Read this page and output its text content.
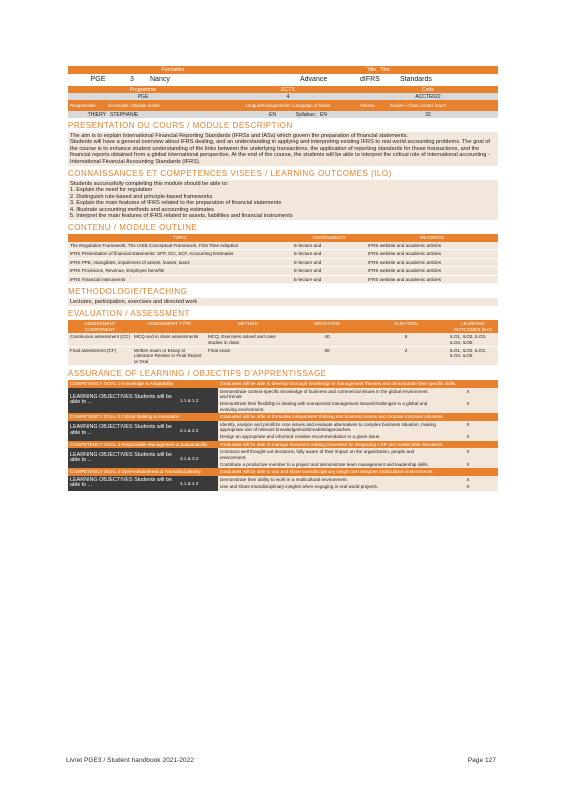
Formation	Title Titre
PGE	3	Nancy	Advance	dIFRS	Standards
Programme	ECTS	Code
PGE	4	ACCTE022
Responsable	du module / Module leader	Langue/Enseignement / Language of tuition	Volume	horaire / Class contact hours
THIERY STEPHANIE	EN	Syllabus: EN	32
PRESENTATION DU COURS / MODULE DESCRIPTION
The aim is to explain International Financial Reporting Standards (IFRSs and IASs) which govern the preparation of financial statements.
Students will have a general overview about IFRS dealing, and an understanding in applying and interpreting existing IFRS to real world accounting problems. The goal of the course is to enhance student understanding of the links between the underlying transactions, the application of reporting standards for those transactions, and the financial reports obtained from a global international perspective. At the end of the course, the students will be able to interpret the critical role of international accounting - International Financial Accounting Standards (IFRS).
CONNAISSANCES ET COMPETENCES VISEES / LEARNING OUTCOMES (ILO)
Students successfully completing this module should be able to:
1. Explain the need for regulation
2. Distinguish rule-based and principle-based frameworks
3. Explain the main features of IFRS related to the preparation of financial statements
4. Illustrate accounting methods and accounting estimates
5. Interpret the main features of IFRS related to assets, liabilities and financial instruments
CONTENU / MODULE OUTLINE
TOPIC	ASSIGNMENTS	READINGS
The Regulation Framework, The IASB Conceptual Framework, First Time Adoption	E-lecture and	IFRS website and academic articles
IFRS Presentation of financial statements: SFP, SCI, SCF, Accounting Estimates	E-lecture and	IFRS website and academic articles
IFRS PPE, intangibles, impairment of assets, leases, taxes	E-lecture and	IFRS website and academic articles
IFRS Provisions, Revenue, Employee benefits	E-lecture and	IFRS website and academic articles
IFRS Financial instruments	E-lecture and	IFRS website and academic articles
METHODOLOGIE/TEACHING
Lectures, participation, exercises and directed work
EVALUATION / ASSESSMENT
ASSESSMENT COMPONENT	ASSESSMENT TYPE	METHOD	WEIGHTING	DURATION	LEARNING OUTCOMES (ILO)
Continuous assessment (CC)	MCQ and in class assessments	MCQ, Exercises solved and case studies in class	40	6	ILO1, ILO2, ILO3, ILO4, ILO5
Final assessment (CF)	Written exam or Essay or Literature Review or Final Report or Oral	Final exam	60	2	ILO1, ILO2, ILO3, ILO4, ILO5
ASSURANCE OF LEARNING / OBJECTIFS D'APPRENTISSAGE
COMPETENCY GOAL 1 Knowledge & Adaptability		Graduates will be able to develop thorough knowledge in management theories and demonstrate their specific skills.	
LEARNING OBJECTIVES Students will be able to ...	1.1 & 1.2	Demonstrate context-specific knowledge of business and commercial issues in the global environment and trends	X
		Demonstrate their flexibility in dealing with unexpected management issues/challenges in a global and evolving environment.	X
COMPETENCY GOAL 2 Critical thinking & Innovation		Graduates will be able to formulate independent thinking into business issues and propose informed solutions.	
LEARNING OBJECTIVES Students will be able to ...	2.1 & 2.2	Identify, analyze and prioritize core issues and evaluate alternatives to complex business situation, making appropriate use of relevant knowledge/tools/models/approaches.	X
		Design an appropriate and informed creative recommendation to a given issue.	X
COMPETENCY GOAL 3 Responsible Management & Sustainability		Graduates will be able to manage decisions making processes by integrating CSR and sustainable standards.	
LEARNING OBJECTIVES Students will be able to ...	3.1 & 3.2	Construct well thought-out decisions, fully aware of their impact on the organization, people and environment.	X
		Contribute a productive member to a project and demonstrate team management and leadership skills.	X
COMPETENCY GOAL 4 Open-mindedness & Transdisciplinarity		Graduates will be able to use and share transdisciplinary insight and integrate multicultural environments.	
LEARNING OBJECTIVES Students will be able to ...	4.1 & 4.2	Demonstrate their ability to work in a multicultural environment.	X
		Use and share transdisciplinary insights when engaging in real world projects.	X
Livret PGE3 / Student handbook 2021-2022	Page 127
